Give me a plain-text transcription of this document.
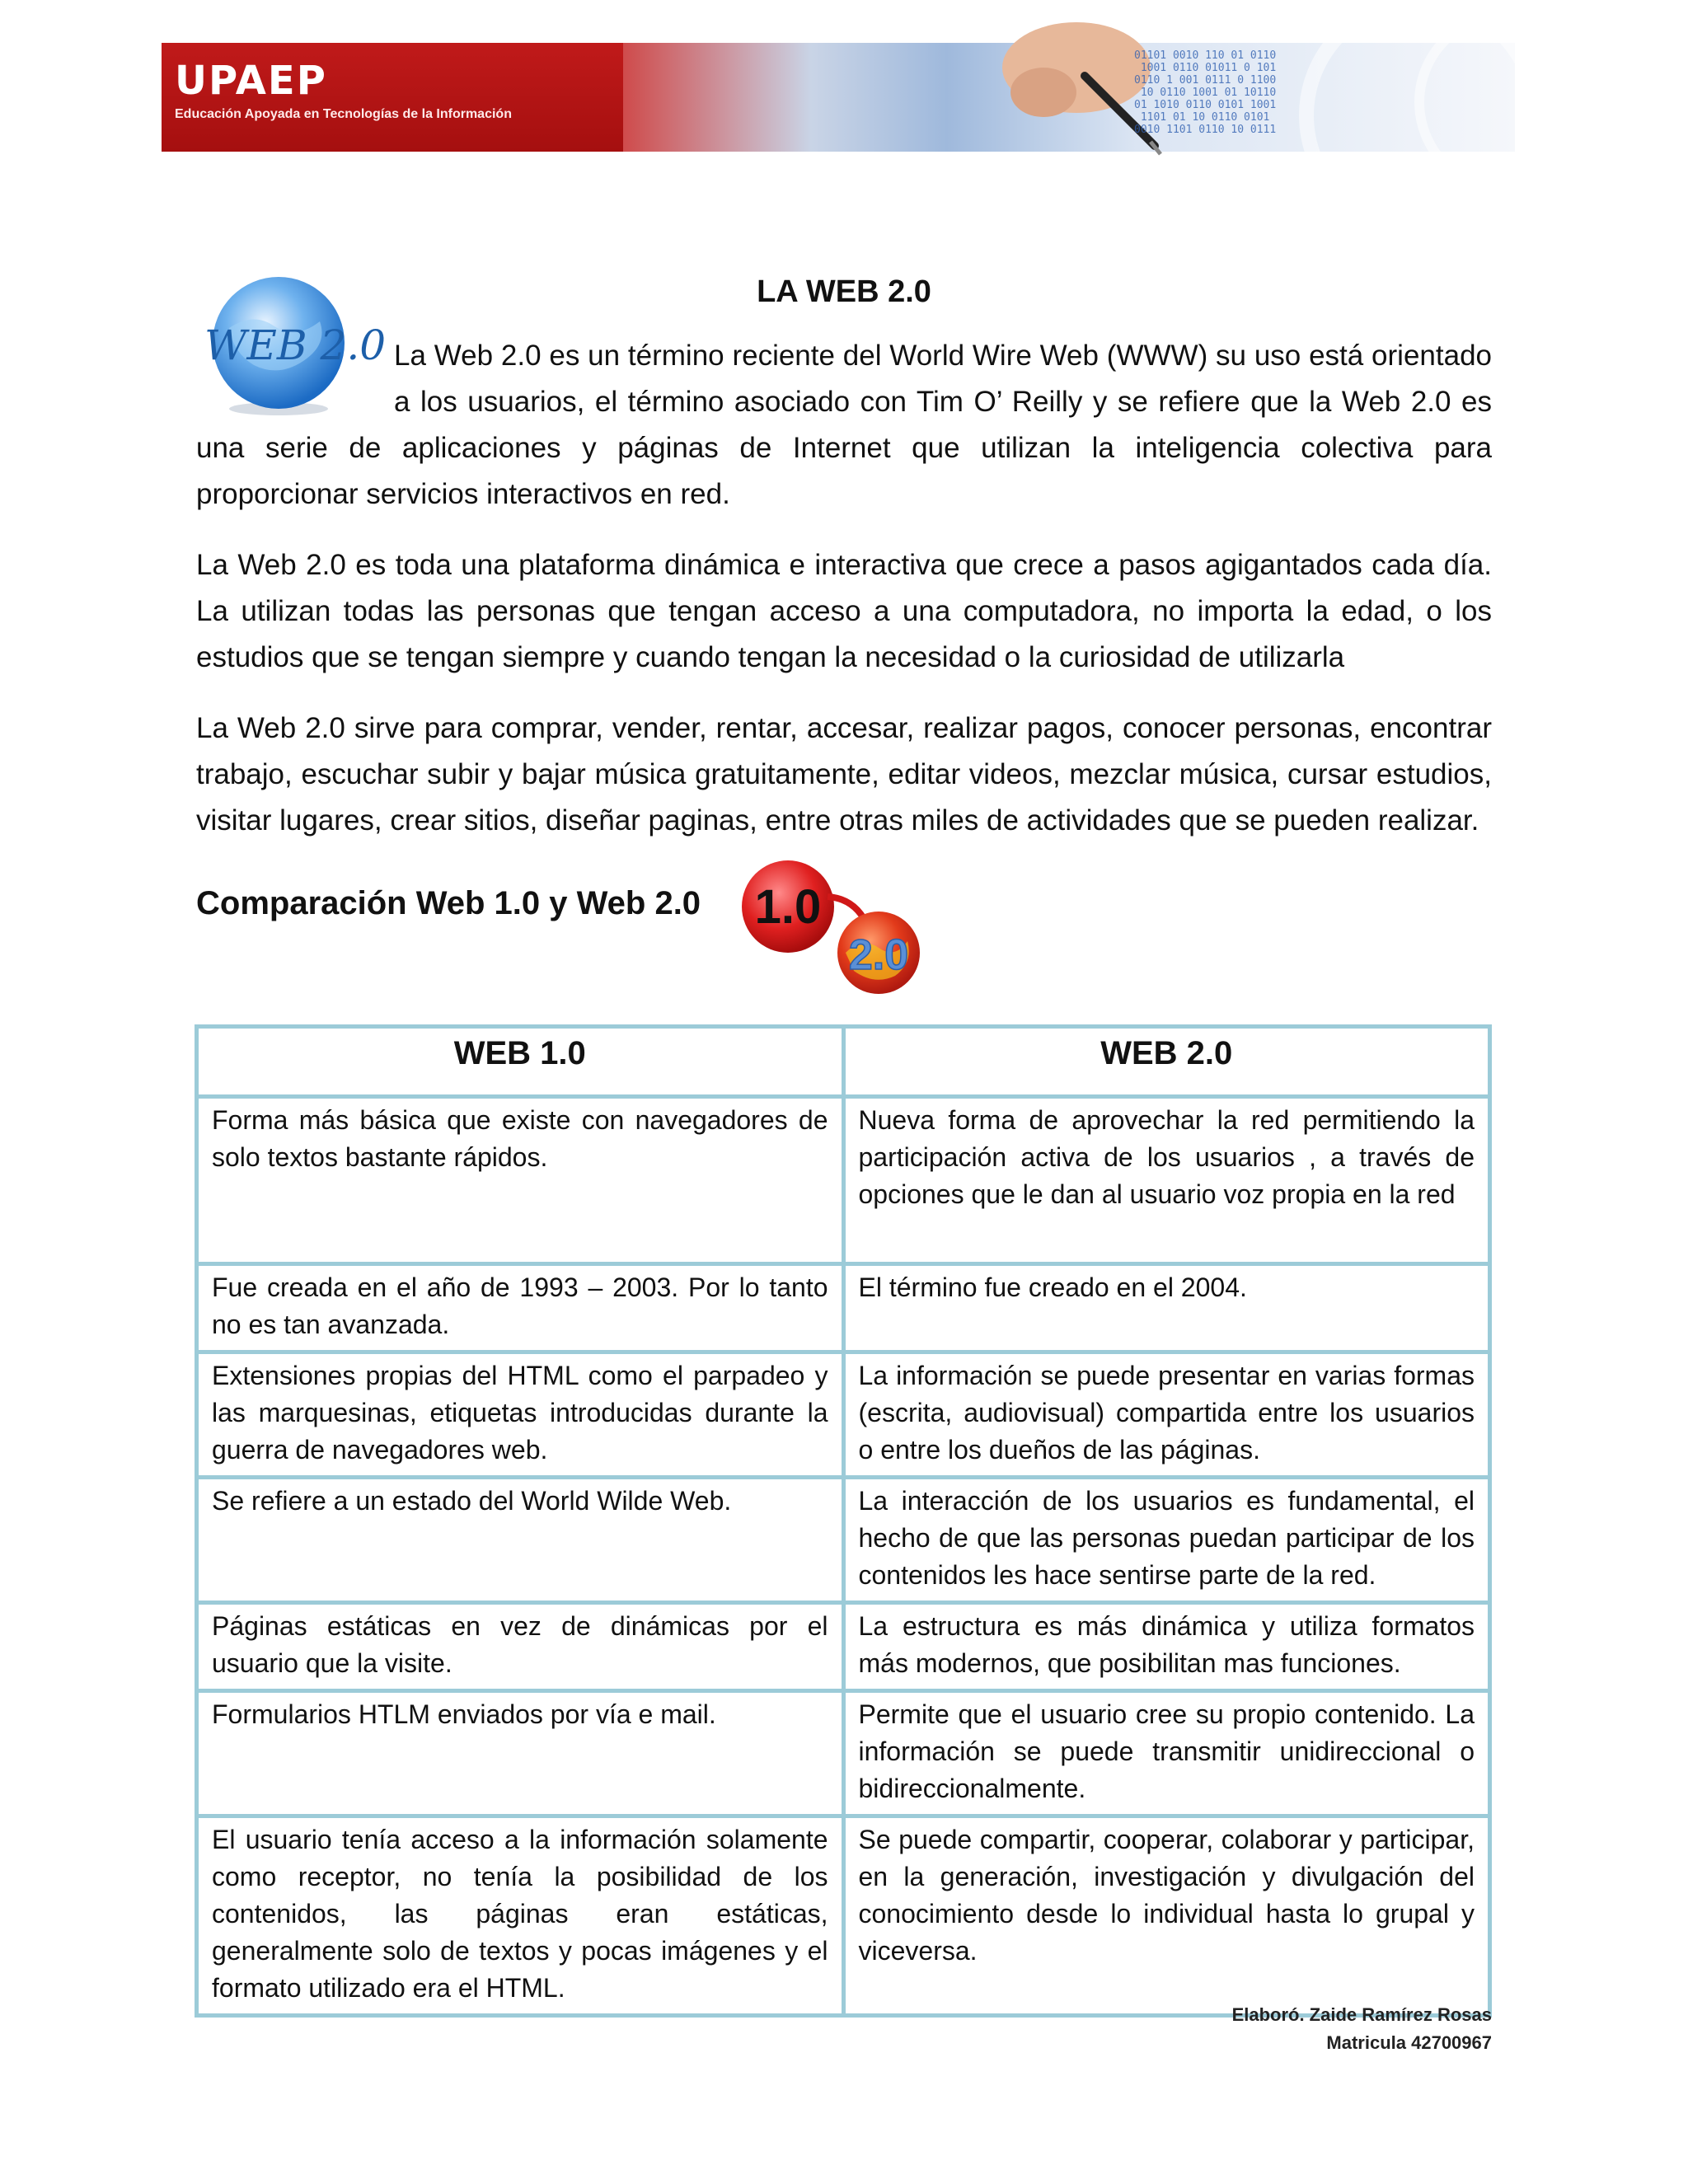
UPAEP
Educación Apoyada en Tecnologías de la Información
01101 0010 110 01 0110
1001 0110 01011 0 101
0110 1 001 0111 0 1100
10 0110 1001 01 10110
01 1010 0110 0101 1001
1101 01 10 0110 0101
0010 1101 0110 10 0111
WEB 2.0
LA WEB 2.0

La Web 2.0 es un término reciente del World Wire Web (WWW) su uso está orientado a los usuarios, el término asociado con Tim O’ Reilly y se refiere que la Web 2.0 es una serie de aplicaciones y páginas de Internet que utilizan la inteligencia colectiva para proporcionar servicios interactivos en red.

La Web 2.0 es toda una plataforma dinámica e interactiva que crece a pasos agigantados cada día. La utilizan todas las personas que tengan acceso a una computadora, no importa la edad, o los estudios que se tengan siempre y cuando tengan la necesidad o la curiosidad de utilizarla

La Web 2.0 sirve para comprar, vender, rentar, accesar, realizar pagos, conocer personas, encontrar trabajo, escuchar subir y bajar música gratuitamente, editar videos, mezclar música, cursar estudios, visitar lugares, crear sitios, diseñar paginas, entre otras miles de actividades que se pueden realizar.

Comparación Web 1.0 y Web 2.0 1.0
2.0
WEB 1.0	WEB 2.0
Forma más básica que existe con navegadores de solo textos bastante rápidos.	Nueva forma de aprovechar la red permitiendo la participación activa de los usuarios , a través de opciones que le dan al usuario voz propia en la red
Fue creada en el año de 1993 – 2003. Por lo tanto no es tan avanzada.	El término fue creado en el 2004.
Extensiones propias del HTML como el parpadeo y las marquesinas, etiquetas introducidas durante la guerra de navegadores web.	La información se puede presentar en varias formas (escrita, audiovisual) compartida entre los usuarios o entre los dueños de las páginas.
Se refiere a un estado del World Wilde Web.	La interacción de los usuarios es fundamental, el hecho de que las personas puedan participar de los contenidos les hace sentirse parte de la red.
Páginas estáticas en vez de dinámicas por el usuario que la visite.	La estructura es más dinámica y utiliza formatos más modernos, que posibilitan mas funciones.
Formularios HTLM enviados por vía e mail.	Permite que el usuario cree su propio contenido. La información se puede transmitir unidireccional o bidireccionalmente.
El usuario tenía acceso a la información solamente como receptor, no tenía la posibilidad de los contenidos, las páginas eran estáticas, generalmente solo de textos y pocas imágenes y el formato utilizado era el HTML.	Se puede compartir, cooperar, colaborar y participar, en la generación, investigación y divulgación del conocimiento desde lo individual hasta lo grupal y viceversa.
Elaboró. Zaide Ramírez Rosas
Matricula 42700967
